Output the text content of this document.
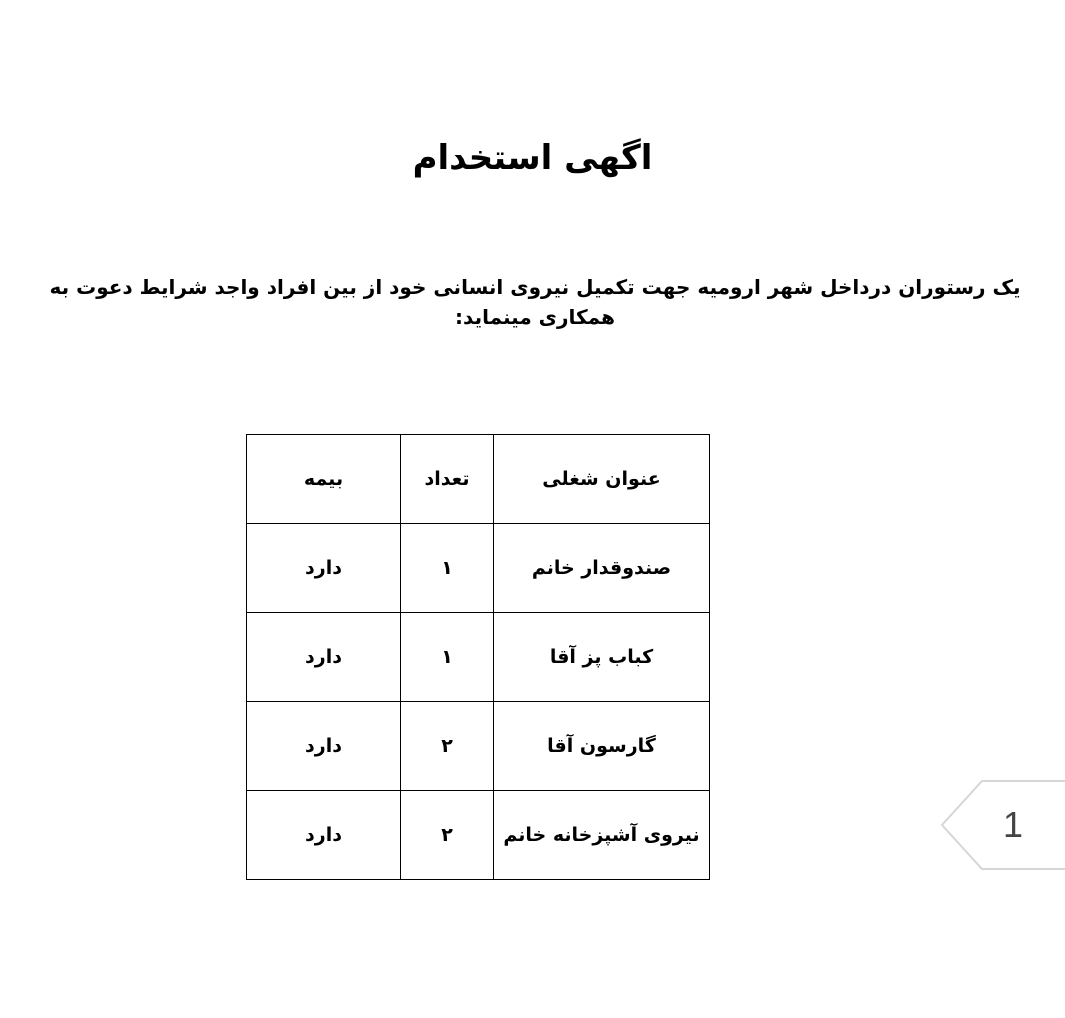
اگهی استخدام

یک رستوران درداخل شهر ارومیه جهت تکمیل نیروی انسانی خود از بین افراد واجد شرایط دعوت به همکاری مینماید:

عنوان شغلی	تعداد	بیمه
صندوقدار خانم	۱	دارد
کباب پز آقا	۱	دارد
گارسون آقا	۲	دارد
نیروی آشپزخانه خانم	۲	دارد	1
